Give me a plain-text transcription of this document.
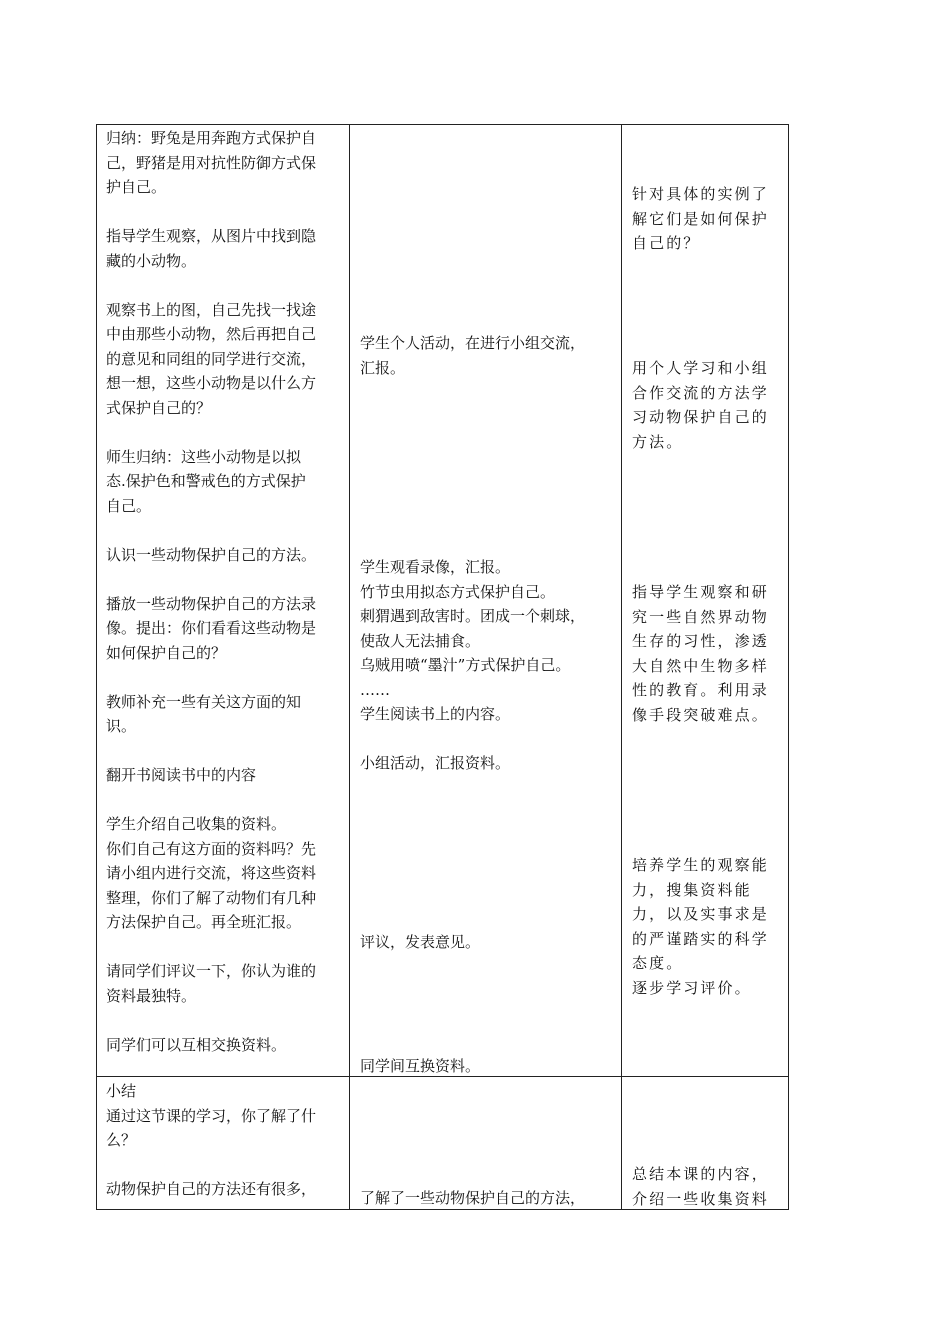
归纳：野兔是用奔跑方式保护自
己，野猪是用对抗性防御方式保
护自己。
指导学生观察，从图片中找到隐
藏的小动物。
观察书上的图，自己先找一找途
中由那些小动物，然后再把自己
的意见和同组的同学进行交流，
想一想，这些小动物是以什么方
式保护自己的？
师生归纳：这些小动物是以拟
态.保护色和警戒色的方式保护
自己。
认识一些动物保护自己的方法。
播放一些动物保护自己的方法录
像。提出：你们看看这些动物是
如何保护自己的？
教师补充一些有关这方面的知
识。
翻开书阅读书中的内容
学生介绍自己收集的资料。
你们自己有这方面的资料吗？先
请小组内进行交流，将这些资料
整理，你们了解了动物们有几种
方法保护自己。再全班汇报。
请同学们评议一下，你认为谁的
资料最独特。
同学们可以互相交换资料。
学生个人活动，在进行小组交流，
汇报。
学生观看录像，汇报。
竹节虫用拟态方式保护自己。
刺猬遇到敌害时。团成一个刺球，
使敌人无法捕食。
乌贼用喷“墨汁”方式保护自己。
……
学生阅读书上的内容。
小组活动，汇报资料。
评议，发表意见。
同学间互换资料。
针对具体的实例了
解它们是如何保护
自己的？
用个人学习和小组
合作交流的方法学
习动物保护自己的
方法。
指导学生观察和研
究一些自然界动物
生存的习性，渗透
大自然中生物多样
性的教育。利用录
像手段突破难点。
培养学生的观察能
力，搜集资料能
力，以及实事求是
的严谨踏实的科学
态度。
逐步学习评价。
小结
通过这节课的学习，你了解了什
么？
动物保护自己的方法还有很多，	了解了一些动物保护自己的方法，
总结本课的内容，
介绍一些收集资料
